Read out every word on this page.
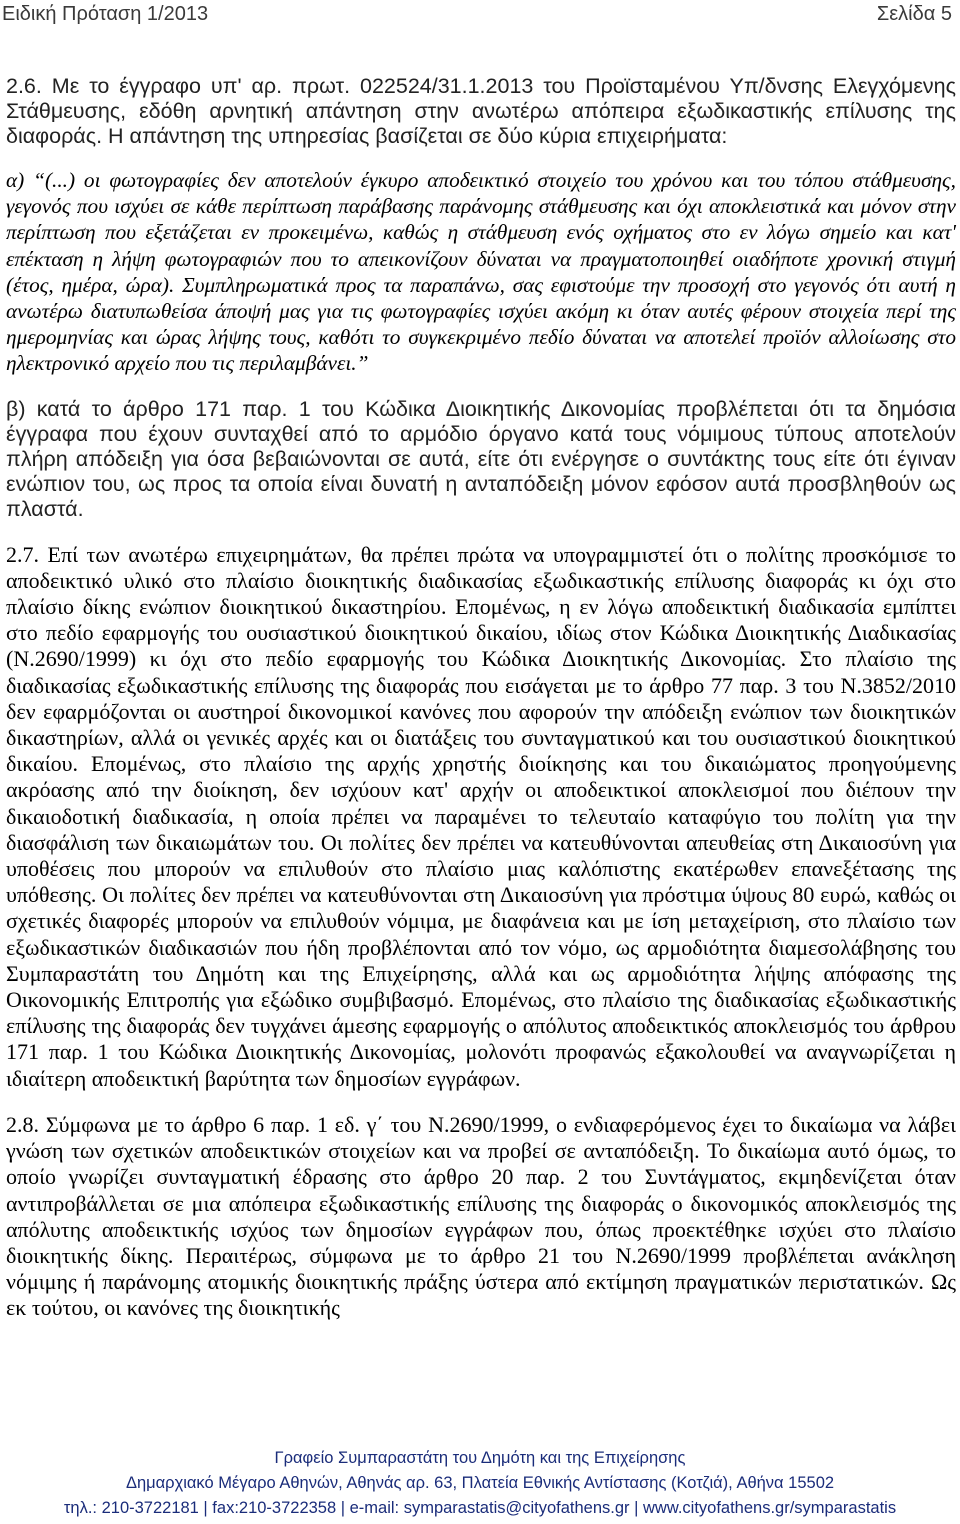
Ειδική Πρόταση 1/2013	Σελίδα 5

2.6. Με το έγγραφο υπ' αρ. πρωτ. 022524/31.1.2013 του Προϊσταμένου Υπ/δνσης Ελεγχόμενης Στάθμευσης, εδόθη αρνητική απάντηση στην ανωτέρω απόπειρα εξωδικαστικής επίλυσης της διαφοράς. Η απάντηση της υπηρεσίας βασίζεται σε δύο κύρια επιχειρήματα:

α) “(...) οι φωτογραφίες δεν αποτελούν έγκυρο αποδεικτικό στοιχείο του χρόνου και του τόπου στάθμευσης, γεγονός που ισχύει σε κάθε περίπτωση παράβασης παράνομης στάθμευσης και όχι αποκλειστικά και μόνον στην περίπτωση που εξετάζεται εν προκειμένω, καθώς η στάθμευση ενός οχήματος στο εν λόγω σημείο και κατ' επέκταση η λήψη φωτογραφιών που το απεικονίζουν δύναται να πραγματοποιηθεί οιαδήποτε χρονική στιγμή (έτος, ημέρα, ώρα). Συμπληρωματικά προς τα παραπάνω, σας εφιστούμε την προσοχή στο γεγονός ότι αυτή η ανωτέρω διατυπωθείσα άποψή μας για τις φωτογραφίες ισχύει ακόμη κι όταν αυτές φέρουν στοιχεία περί της ημερομηνίας και ώρας λήψης τους, καθότι το συγκεκριμένο πεδίο δύναται να αποτελεί προϊόν αλλοίωσης στο ηλεκτρονικό αρχείο που τις περιλαμβάνει.”

β) κατά το άρθρο 171 παρ. 1 του Κώδικα Διοικητικής Δικονομίας προβλέπεται ότι τα δημόσια έγγραφα που έχουν συνταχθεί από το αρμόδιο όργανο κατά τους νόμιμους τύπους αποτελούν πλήρη απόδειξη για όσα βεβαιώνονται σε αυτά, είτε ότι ενέργησε ο συντάκτης τους είτε ότι έγιναν ενώπιον του, ως προς τα οποία είναι δυνατή η ανταπόδειξη μόνον εφόσον αυτά προσβληθούν ως πλαστά.

2.7. Επί των ανωτέρω επιχειρημάτων, θα πρέπει πρώτα να υπογραμμιστεί ότι ο πολίτης προσκόμισε το αποδεικτικό υλικό στο πλαίσιο διοικητικής διαδικασίας εξωδικαστικής επίλυσης διαφοράς κι όχι στο πλαίσιο δίκης ενώπιον διοικητικού δικαστηρίου. Επομένως, η εν λόγω αποδεικτική διαδικασία εμπίπτει στο πεδίο εφαρμογής του ουσιαστικού διοικητικού δικαίου, ιδίως στον Κώδικα Διοικητικής Διαδικασίας (Ν.2690/1999) κι όχι στο πεδίο εφαρμογής του Κώδικα Διοικητικής Δικονομίας. Στο πλαίσιο της διαδικασίας εξωδικαστικής επίλυσης της διαφοράς που εισάγεται με το άρθρο 77 παρ. 3 του Ν.3852/2010 δεν εφαρμόζονται οι αυστηροί δικονομικοί κανόνες που αφορούν την απόδειξη ενώπιον των διοικητικών δικαστηρίων, αλλά οι γενικές αρχές και οι διατάξεις του συνταγματικού και του ουσιαστικού διοικητικού δικαίου. Επομένως, στο πλαίσιο της αρχής χρηστής διοίκησης και του δικαιώματος προηγούμενης ακρόασης από την διοίκηση, δεν ισχύουν κατ' αρχήν οι αποδεικτικοί αποκλεισμοί που διέπουν την δικαιοδοτική διαδικασία, η οποία πρέπει να παραμένει το τελευταίο καταφύγιο του πολίτη για την διασφάλιση των δικαιωμάτων του. Οι πολίτες δεν πρέπει να κατευθύνονται απευθείας στη Δικαιοσύνη για υποθέσεις που μπορούν να επιλυθούν στο πλαίσιο μιας καλόπιστης εκατέρωθεν επανεξέτασης της υπόθεσης. Οι πολίτες δεν πρέπει να κατευθύνονται στη Δικαιοσύνη για πρόστιμα ύψους 80 ευρώ, καθώς οι σχετικές διαφορές μπορούν να επιλυθούν νόμιμα, με διαφάνεια και με ίση μεταχείριση, στο πλαίσιο των εξωδικαστικών διαδικασιών που ήδη προβλέπονται από τον νόμο, ως αρμοδιότητα διαμεσολάβησης του Συμπαραστάτη του Δημότη και της Επιχείρησης, αλλά και ως αρμοδιότητα λήψης απόφασης της Οικονομικής Επιτροπής για εξώδικο συμβιβασμό. Επομένως, στο πλαίσιο της διαδικασίας εξωδικαστικής επίλυσης της διαφοράς δεν τυγχάνει άμεσης εφαρμογής ο απόλυτος αποδεικτικός αποκλεισμός του άρθρου 171 παρ. 1 του Κώδικα Διοικητικής Δικονομίας, μολονότι προφανώς εξακολουθεί να αναγνωρίζεται η ιδιαίτερη αποδεικτική βαρύτητα των δημοσίων εγγράφων.

2.8. Σύμφωνα με το άρθρο 6 παρ. 1 εδ. γ΄ του Ν.2690/1999, ο ενδιαφερόμενος έχει το δικαίωμα να λάβει γνώση των σχετικών αποδεικτικών στοιχείων και να προβεί σε ανταπόδειξη. Το δικαίωμα αυτό όμως, το οποίο γνωρίζει συνταγματική έδρασης στο άρθρο 20 παρ. 2 του Συντάγματος, εκμηδενίζεται όταν αντιπροβάλλεται σε μια απόπειρα εξωδικαστικής επίλυσης της διαφοράς ο δικονομικός αποκλεισμός της απόλυτης αποδεικτικής ισχύος των δημοσίων εγγράφων που, όπως προεκτέθηκε ισχύει στο πλαίσιο διοικητικής δίκης. Περαιτέρως, σύμφωνα με το άρθρο 21 του Ν.2690/1999 προβλέπεται ανάκληση νόμιμης ή παράνομης ατομικής διοικητικής πράξης ύστερα από εκτίμηση πραγματικών περιστατικών. Ως εκ τούτου, οι κανόνες της διοικητικής

Γραφείο Συμπαραστάτη του Δημότη και της Επιχείρησης
Δημαρχιακό Μέγαρο Αθηνών, Αθηνάς αρ. 63, Πλατεία Εθνικής Αντίστασης (Κοτζιά), Αθήνα 15502
τηλ.: 210-3722181 | fax:210-3722358 | e-mail: symparastatis@cityofathens.gr | www.cityofathens.gr/symparastatis
